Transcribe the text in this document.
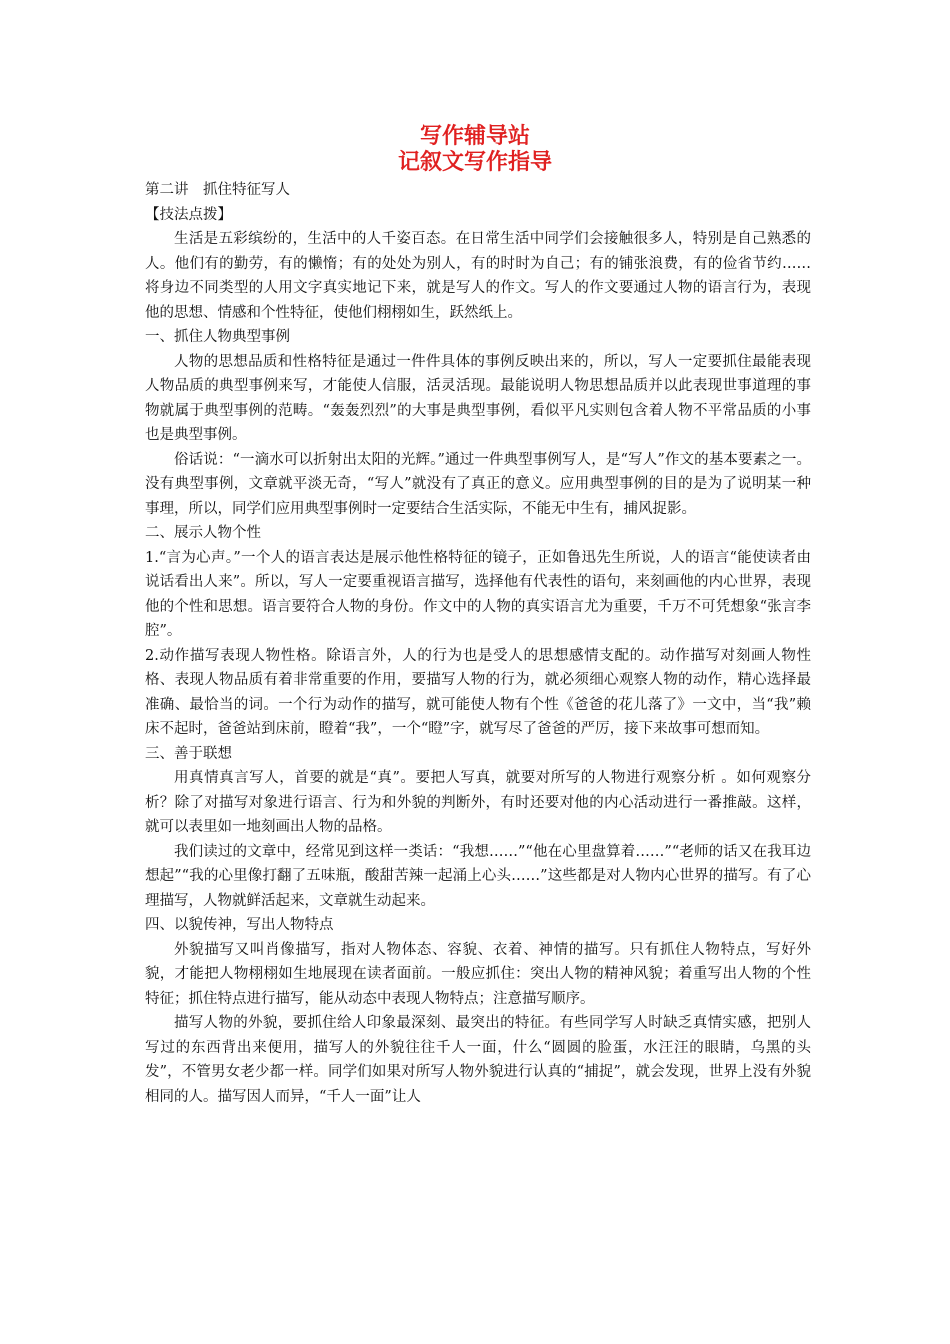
写作辅导站
记叙文写作指导

第二讲　抓住特征写人

【技法点拨】

生活是五彩缤纷的，生活中的人千姿百态。在日常生活中同学们会接触很多人，特别是自己熟悉的人。他们有的勤劳，有的懒惰；有的处处为别人，有的时时为自己；有的铺张浪费，有的俭省节约……将身边不同类型的人用文字真实地记下来，就是写人的作文。写人的作文要通过人物的语言行为，表现他的思想、情感和个性特征，使他们栩栩如生，跃然纸上。

一、抓住人物典型事例

人物的思想品质和性格特征是通过一件件具体的事例反映出来的，所以，写人一定要抓住最能表现人物品质的典型事例来写，才能使人信服，活灵活现。最能说明人物思想品质并以此表现世事道理的事物就属于典型事例的范畴。“轰轰烈烈”的大事是典型事例，看似平凡实则包含着人物不平常品质的小事也是典型事例。

俗话说：“一滴水可以折射出太阳的光辉。”通过一件典型事例写人，是“写人”作文的基本要素之一。没有典型事例，文章就平淡无奇，“写人”就没有了真正的意义。应用典型事例的目的是为了说明某一种事理，所以，同学们应用典型事例时一定要结合生活实际，不能无中生有，捕风捉影。

二、展示人物个性

1.“言为心声。”一个人的语言表达是展示他性格特征的镜子，正如鲁迅先生所说，人的语言“能使读者由说话看出人来”。所以，写人一定要重视语言描写，选择他有代表性的语句，来刻画他的内心世界，表现他的个性和思想。语言要符合人物的身份。作文中的人物的真实语言尤为重要，千万不可凭想象“张言李腔”。

2.动作描写表现人物性格。除语言外，人的行为也是受人的思想感情支配的。动作描写对刻画人物性格、表现人物品质有着非常重要的作用，要描写人物的行为，就必须细心观察人物的动作，精心选择最准确、最恰当的词。一个行为动作的描写，就可能使人物有个性《爸爸的花儿落了》一文中，当“我”赖床不起时，爸爸站到床前，瞪着“我”，一个“瞪”字，就写尽了爸爸的严厉，接下来故事可想而知。

三、善于联想

用真情真言写人，首要的就是“真”。要把人写真，就要对所写的人物进行观察分析 。如何观察分析？除了对描写对象进行语言、行为和外貌的判断外，有时还要对他的内心活动进行一番推敲。这样，就可以表里如一地刻画出人物的品格。

我们读过的文章中，经常见到这样一类话：“我想……”“他在心里盘算着……”“老师的话又在我耳边想起”“我的心里像打翻了五味瓶，酸甜苦辣一起涌上心头……”这些都是对人物内心世界的描写。有了心理描写，人物就鲜活起来，文章就生动起来。

四、以貌传神，写出人物特点

外貌描写又叫肖像描写，指对人物体态、容貌、衣着、神情的描写。只有抓住人物特点，写好外貌，才能把人物栩栩如生地展现在读者面前。一般应抓住：突出人物的精神风貌；着重写出人物的个性特征；抓住特点进行描写，能从动态中表现人物特点；注意描写顺序。

描写人物的外貌，要抓住给人印象最深刻、最突出的特征。有些同学写人时缺乏真情实感，把别人写过的东西背出来便用，描写人的外貌往往千人一面，什么“圆圆的脸蛋，水汪汪的眼睛，乌黑的头发”，不管男女老少都一样。同学们如果对所写人物外貌进行认真的“捕捉”，就会发现，世界上没有外貌相同的人。描写因人而异，“千人一面”让人
